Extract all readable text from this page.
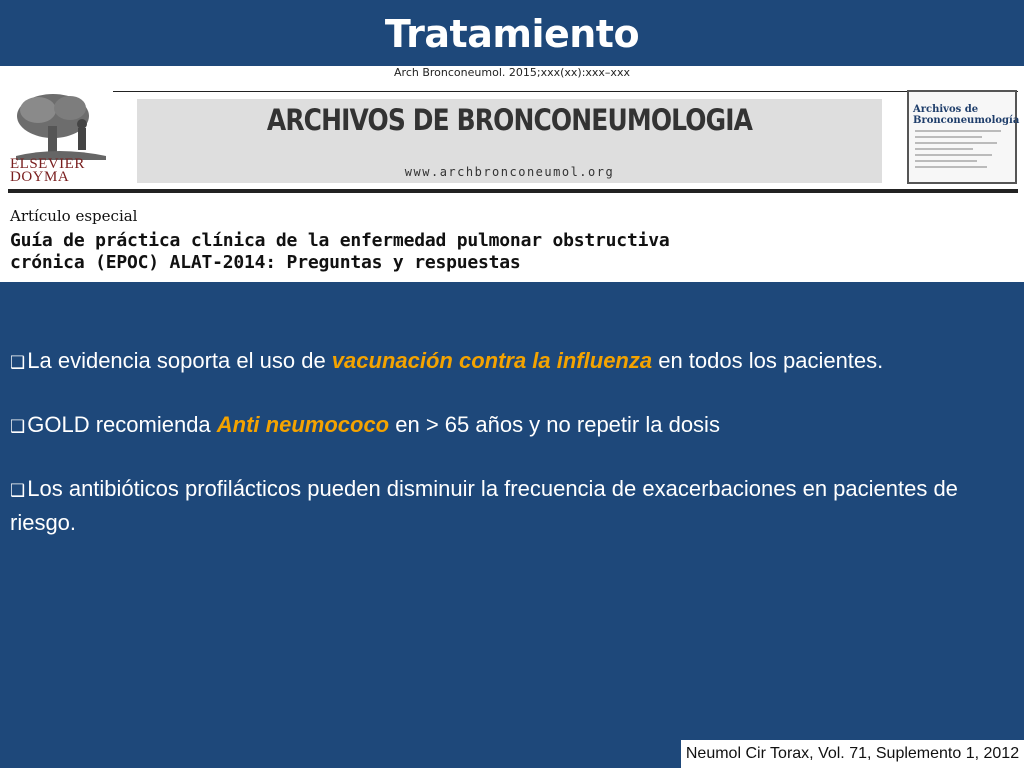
Tratamiento
Arch Bronconeumol. 2015;xxx(xx):xxx–xxx
ELSEVIER
DOYMA
ARCHIVOS DE BRONCONEUMOLOGIA
www.archbronconeumol.org
Archivos de
Bronconeumología
Artículo especial
Guía de práctica clínica de la enfermedad pulmonar obstructiva
crónica (EPOC) ALAT-2014: Preguntas y respuestas

❑La evidencia soporta el uso de vacunación contra la influenza en todos los pacientes.

❑GOLD recomienda Anti neumococo en > 65 años y no repetir la dosis

❑Los antibióticos profilácticos pueden disminuir la frecuencia de exacerbaciones en pacientes de riesgo.

Neumol Cir Torax, Vol. 71, Suplemento 1, 2012
